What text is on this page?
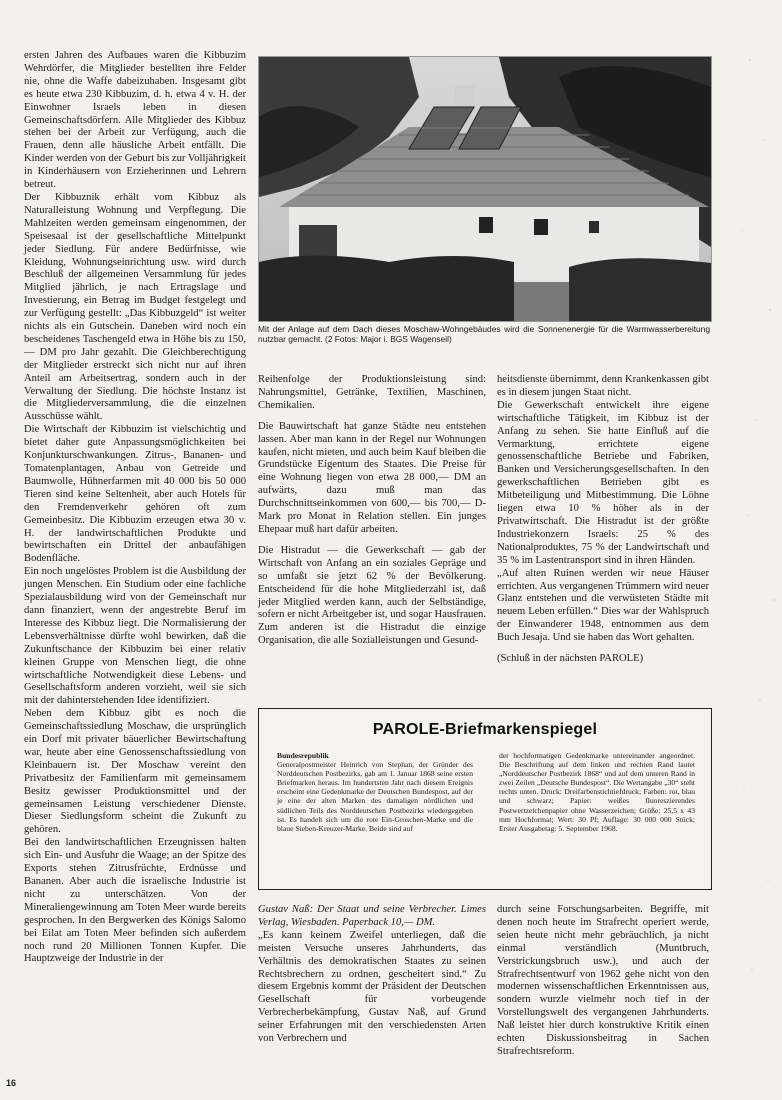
ersten Jahren des Aufbaues waren die Kibbuzim Wehrdörfer, die Mitglieder bestellten ihre Felder nie, ohne die Waffe dabeizuhaben. Insgesamt gibt es heute etwa 230 Kibbuzim, d. h. etwa 4 v. H. der Einwohner Israels leben in diesen Gemeinschaftsdörfern. Alle Mitglieder des Kibbuz stehen bei der Arbeit zur Verfügung, auch die Frauen, denn alle häusliche Arbeit entfällt. Die Kinder werden von der Geburt bis zur Volljährigkeit in Kinderhäusern von Erzieherinnen und Lehrern betreut.

Der Kibbuznik erhält vom Kibbuz als Naturalleistung Wohnung und Verpflegung. Die Mahlzeiten werden gemeinsam eingenommen, der Speisesaal ist der gesellschaftliche Mittelpunkt jeder Siedlung. Für andere Bedürfnisse, wie Kleidung, Wohnungseinrichtung usw. wird durch Beschluß der allgemeinen Versammlung für jedes Mitglied jährlich, je nach Ertragslage und Investierung, ein Betrag im Budget festgelegt und zur Verfügung gestellt: „Das Kibbuzgeld“ ist weiter nichts als ein Gutschein. Daneben wird noch ein bescheidenes Taschengeld etwa in Höhe bis zu 150,— DM pro Jahr gezahlt. Die Gleichberechtigung der Mitglieder erstreckt sich nicht nur auf ihren Anteil am Arbeitsertrag, sondern auch in der Verwaltung der Siedlung. Die höchste Instanz ist die Mitgliederversammlung, die die einzelnen Ausschüsse wählt.

Die Wirtschaft der Kibbuzim ist vielschichtig und bietet daher gute Anpassungsmöglichkeiten bei Konjunkturschwankungen. Zitrus-, Bananen- und Tomatenplantagen, Anbau von Getreide und Baumwolle, Hühnerfarmen mit 40 000 bis 50 000 Tieren sind keine Seltenheit, aber auch Hotels für den Fremdenverkehr gehören oft zum Gemeinbesitz. Die Kibbuzim erzeugen etwa 30 v. H. der landwirtschaftlichen Produkte und bewirtschaften ein Drittel der anbaufähigen Bodenfläche.

Ein noch ungelöstes Problem ist die Ausbildung der jungen Menschen. Ein Studium oder eine fachliche Spezialausbildung wird von der Gemeinschaft nur dann finanziert, wenn der angestrebte Beruf im Interesse des Kibbuz liegt. Die Normalisierung der Lebensverhältnisse dürfte wohl bewirken, daß die Zukunftschance der Kibbuzim bei einer relativ kleinen Gruppe von Menschen liegt, die ohne wirtschaftliche Notwendigkeit diese Lebens- und Gesellschaftsform anderen vorzieht, weil sie sich mit der dahinterstehenden Idee identifiziert.

Neben dem Kibbuz gibt es noch die Gemeinschaftssiedlung Moschaw, die ursprünglich ein Dorf mit privater bäuerlicher Bewirtschaftung war, heute aber eine Genossenschaftssiedlung von Kleinbauern ist. Der Moschaw vereint den Privatbesitz der Familienfarm mit gemeinsamem Besitz gewisser Produktionsmittel und der gemeinsamen Leistung verschiedener Dienste. Dieser Siedlungsform scheint die Zukunft zu gehören.

Bei den landwirtschaftlichen Erzeugnissen halten sich Ein- und Ausfuhr die Waage; an der Spitze des Exports stehen Zitrusfrüchte, Erdnüsse und Bananen. Aber auch die israelische Industrie ist nicht zu unterschätzen. Von der Mineraliengewinnung am Toten Meer wurde bereits gesprochen. In den Bergwerken des Königs Salomo bei Eilat am Toten Meer befinden sich außerdem noch rund 20 Millionen Tonnen Kupfer. Die Hauptzweige der Industrie in der

Mit der Anlage auf dem Dach dieses Moschaw-Wohngebäudes wird die Sonnenenergie für die Warmwasserbereitung nutzbar gemacht. (2 Fotos: Major i. BGS Wagenseil)

Reihenfolge der Produktionsleistung sind: Nahrungsmittel, Getränke, Textilien, Maschinen, Chemikalien.

Die Bauwirtschaft hat ganze Städte neu entstehen lassen. Aber man kann in der Regel nur Wohnungen kaufen, nicht mieten, und auch beim Kauf bleiben die Grundstücke Eigentum des Staates. Die Preise für eine Wohnung liegen von etwa 28 000,— DM an aufwärts, dazu muß man das Durchschnittseinkommen von 600,— bis 700,— D-Mark pro Monat in Relation stellen. Ein junges Ehepaar muß hart dafür arbeiten.

Die Histradut — die Gewerkschaft — gab der Wirtschaft von Anfang an ein soziales Gepräge und so umfaßt sie jetzt 62 % der Bevölkerung. Entscheidend für die hohe Mitgliederzahl ist, daß jeder Mitglied werden kann, auch der Selbständige, sofern er nicht Arbeitgeber ist, und sogar Hausfrauen. Zum anderen ist die Histradut die einzige Organisation, die alle Sozialleistungen und Gesund-

heitsdienste übernimmt, denn Krankenkassen gibt es in diesem jungen Staat nicht.

Die Gewerkschaft entwickelt ihre eigene wirtschaftliche Tätigkeit, im Kibbuz ist der Anfang zu sehen. Sie hatte Einfluß auf die Vermarktung, errichtete eigene genossenschaftliche Betriebe und Fabriken, Banken und Versicherungsgesellschaften. In den gewerkschaftlichen Betrieben gibt es Mitbeteiligung und Mitbestimmung. Die Löhne liegen etwa 10 % höher als in der Privatwirtschaft. Die Histradut ist der größte Industriekonzern Israels: 25 % des Nationalproduktes, 75 % der Landwirtschaft und 35 % im Lastentransport sind in ihren Händen.

„Auf alten Ruinen werden wir neue Häuser errichten. Aus vergangenen Trümmern wird neuer Glanz entstehen und die verwüsteten Städte mit neuem Leben erfüllen.“ Dies war der Wahlspruch der Einwanderer 1948, entnommen aus dem Buch Jesaja. Und sie haben das Wort gehalten.

(Schluß in der nächsten PAROLE)

PAROLE-Briefmarkenspiegel
Bundesrepublik
Generalpostmeister Heinrich von Stephan, der Gründer des Norddeutschen Postbezirks, gab am 1. Januar 1868 seine ersten Briefmarken heraus. Im hundertsten Jahr nach diesem Ereignis erscheint eine Gedenkmarke der Deutschen Bundespost, auf der je eine der alten Marken des damaligen nördlichen und südlichen Teils des Norddeutschen Postbezirks wiedergegeben ist. Es handelt sich um die rote Ein-Groschen-Marke und die blaue Sieben-Kreuzer-Marke. Beide sind auf
der hochformatigen Gedenkmarke untereinander angeordnet. Die Beschriftung auf dem linken und rechten Rand lautet „Norddeutscher Postbezirk 1868“ und auf dem unteren Rand in zwei Zeilen „Deutsche Bundespost“. Die Wertangabe „30“ steht rechts unten. Druck: Dreifarbenstichtiefdruck; Farben: rot, blau und schwarz; Papier: weißes fluoreszierendes Postwertzeichenpapier ohne Wasserzeichen; Größe: 25,5 x 43 mm Hochformat; Wert: 30 Pf; Auflage: 30 000 000 Stück; Erster Ausgabetag: 5. September 1968.

Gustav Naß: Der Staat und seine Verbrecher. Limes Verlag, Wiesbaden. Paperback 10,— DM.

„Es kann keinem Zweifel unterliegen, daß die meisten Versuche unseres Jahrhunderts, das Verhältnis des demokratischen Staates zu seinen Rechtsbrechern zu ordnen, gescheitert sind.“ Zu diesem Ergebnis kommt der Präsident der Deutschen Gesellschaft für vorbeugende Verbrecherbekämpfung, Gustav Naß, auf Grund seiner Erfahrungen mit den verschiedensten Arten von Verbrechern und

durch seine Forschungsarbeiten. Begriffe, mit denen noch heute im Strafrecht operiert werde, seien heute nicht mehr gebräuchlich, ja nicht einmal verständlich (Muntbruch, Verstrickungsbruch usw.), und auch der Strafrechtsentwurf von 1962 gehe nicht von den modernen wissenschaftlichen Erkenntnissen aus, sondern wurzle vielmehr noch tief in der Vorstellungswelt des vergangenen Jahrhunderts. Naß leistet hier durch konstruktive Kritik einen echten Diskussionsbeitrag in Sachen Strafrechtsreform.

16
